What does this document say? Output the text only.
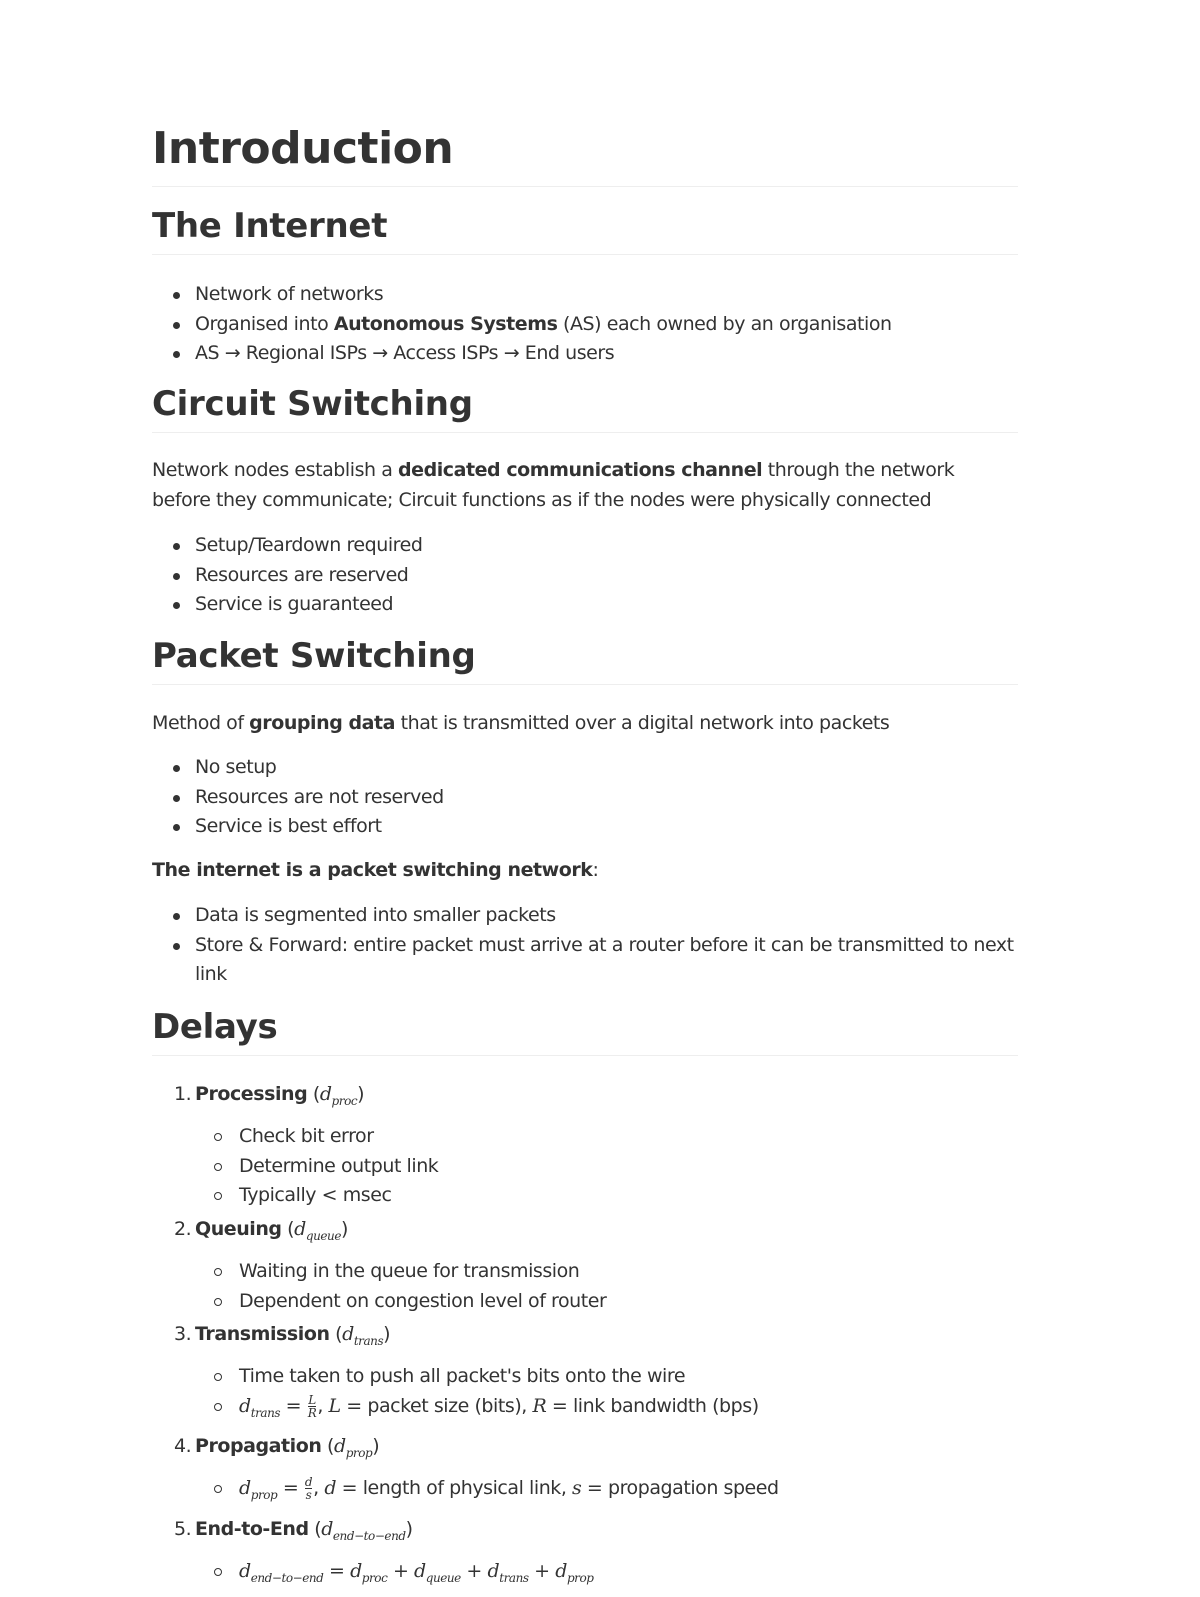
Introduction
The Internet
Network of networks
Organised into Autonomous Systems (AS) each owned by an organisation
AS → Regional ISPs → Access ISPs → End users
Circuit Switching

Network nodes establish a dedicated communications channel through the network before they communicate; Circuit functions as if the nodes were physically connected

Setup/Teardown required
Resources are reserved
Service is guaranteed
Packet Switching

Method of grouping data that is transmitted over a digital network into packets

No setup
Resources are not reserved
Service is best effort

The internet is a packet switching network:

Data is segmented into smaller packets
Store & Forward: entire packet must arrive at a router before it can be transmitted to next link
Delays
1. Processing $(d_{proc})$
Check bit error
Determine output link
Typically < msec
2. Queuing $(d_{queue})$
Waiting in the queue for transmission
Dependent on congestion level of router
3. Transmission $(d_{trans})$
Time taken to push all packet's bits onto the wire
$d_{trans} = \frac{L}{R}$ , L = packet size (bits), R = link bandwidth (bps)
4. Propagation $(d_{prop})$
$d_{prop} = \frac{d}{s}$ , d = length of physical link, s = propagation speed
5. End-to-End $(d_{end-to-end})$
$d_{end-to-end} = d_{proc} + d_{queue} + d_{trans} + d_{prop}$
